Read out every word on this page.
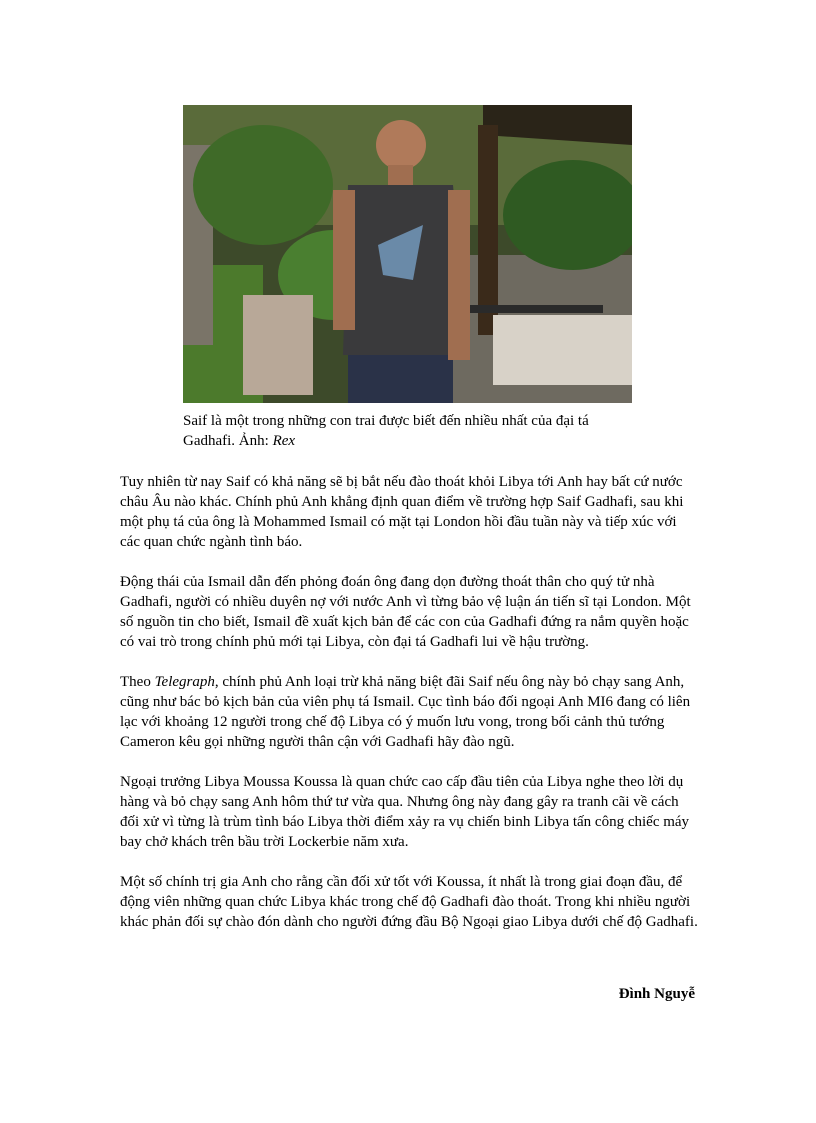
Saif là một trong những con trai được biết đến nhiều nhất của đại tá Gadhafi. Ảnh: Rex

Tuy nhiên từ nay Saif có khả năng sẽ bị bắt nếu đào thoát khỏi Libya tới Anh hay bất cứ nước châu Âu nào khác. Chính phủ Anh khẳng định quan điểm về trường hợp Saif Gadhafi, sau khi một phụ tá của ông là Mohammed Ismail có mặt tại London hồi đầu tuần này và tiếp xúc với các quan chức ngành tình báo.

Động thái của Ismail dẫn đến phỏng đoán ông đang dọn đường thoát thân cho quý tử nhà Gadhafi, người có nhiều duyên nợ với nước Anh vì từng bảo vệ luận án tiến sĩ tại London. Một số nguồn tin cho biết, Ismail đề xuất kịch bản để các con của Gadhafi đứng ra nắm quyền hoặc có vai trò trong chính phủ mới tại Libya, còn đại tá Gadhafi lui về hậu trường.

Theo Telegraph, chính phủ Anh loại trừ khả năng biệt đãi Saif nếu ông này bỏ chạy sang Anh, cũng như bác bỏ kịch bản của viên phụ tá Ismail. Cục tình báo đối ngoại Anh MI6 đang có liên lạc với khoảng 12 người trong chế độ Libya có ý muốn lưu vong, trong bối cảnh thủ tướng Cameron kêu gọi những người thân cận với Gadhafi hãy đào ngũ.

Ngoại trưởng Libya Moussa Koussa là quan chức cao cấp đầu tiên của Libya nghe theo lời dụ hàng và bỏ chạy sang Anh hôm thứ tư vừa qua. Nhưng ông này đang gây ra tranh cãi về cách đối xử vì từng là trùm tình báo Libya thời điểm xảy ra vụ chiến binh Libya tấn công chiếc máy bay chở khách trên bầu trời Lockerbie năm xưa.

Một số chính trị gia Anh cho rằng cần đối xử tốt với Koussa, ít nhất là trong giai đoạn đầu, để động viên những quan chức Libya khác trong chế độ Gadhafi đào thoát. Trong khi nhiều người khác phản đối sự chào đón dành cho người đứng đầu Bộ Ngoại giao Libya dưới chế độ Gadhafi.

Đình Nguyễ
